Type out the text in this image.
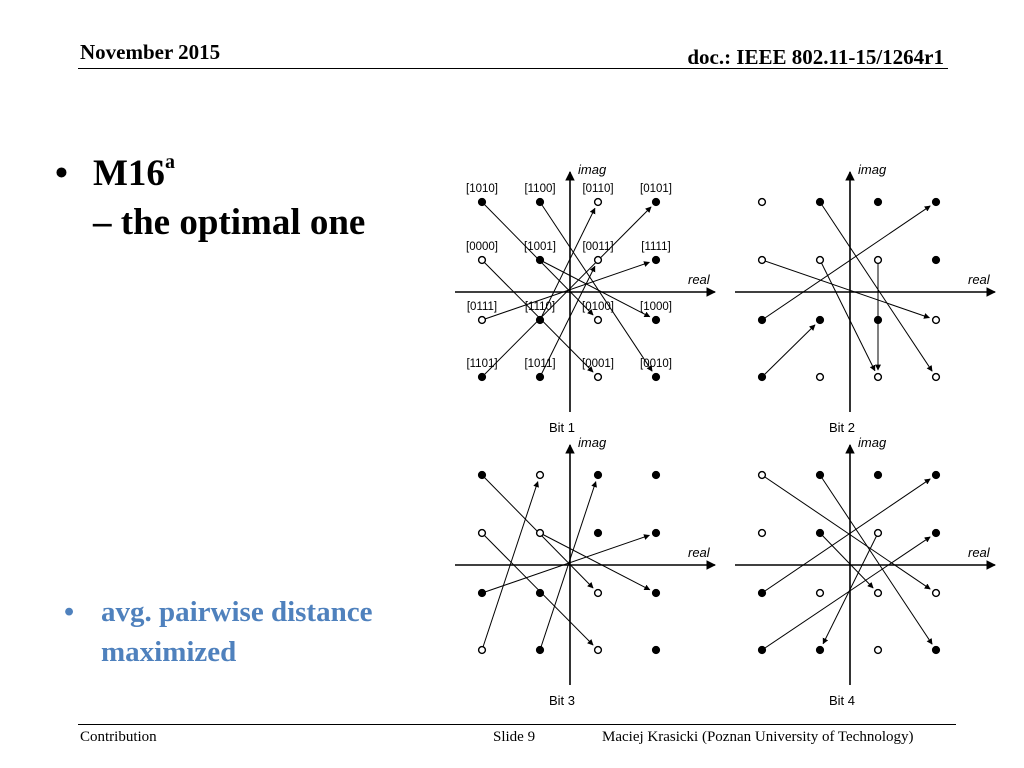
November 2015	doc.: IEEE 802.11-15/1264r1
• M16$^a$
– the optimal one
• avg. pairwise distance maximized
imag
real
Bit 1
[1010] [1100] [0110] [0101]
[0000] [1001] [0011] [1111]
[0111] [1110] [0100] [1000]
[1101] [1011] [0001] [0010]
imag
real
Bit 2
imag
real
Bit 3
imag
real
Bit 4
Contribution	Slide 9	Maciej Krasicki (Poznan University of Technology)
